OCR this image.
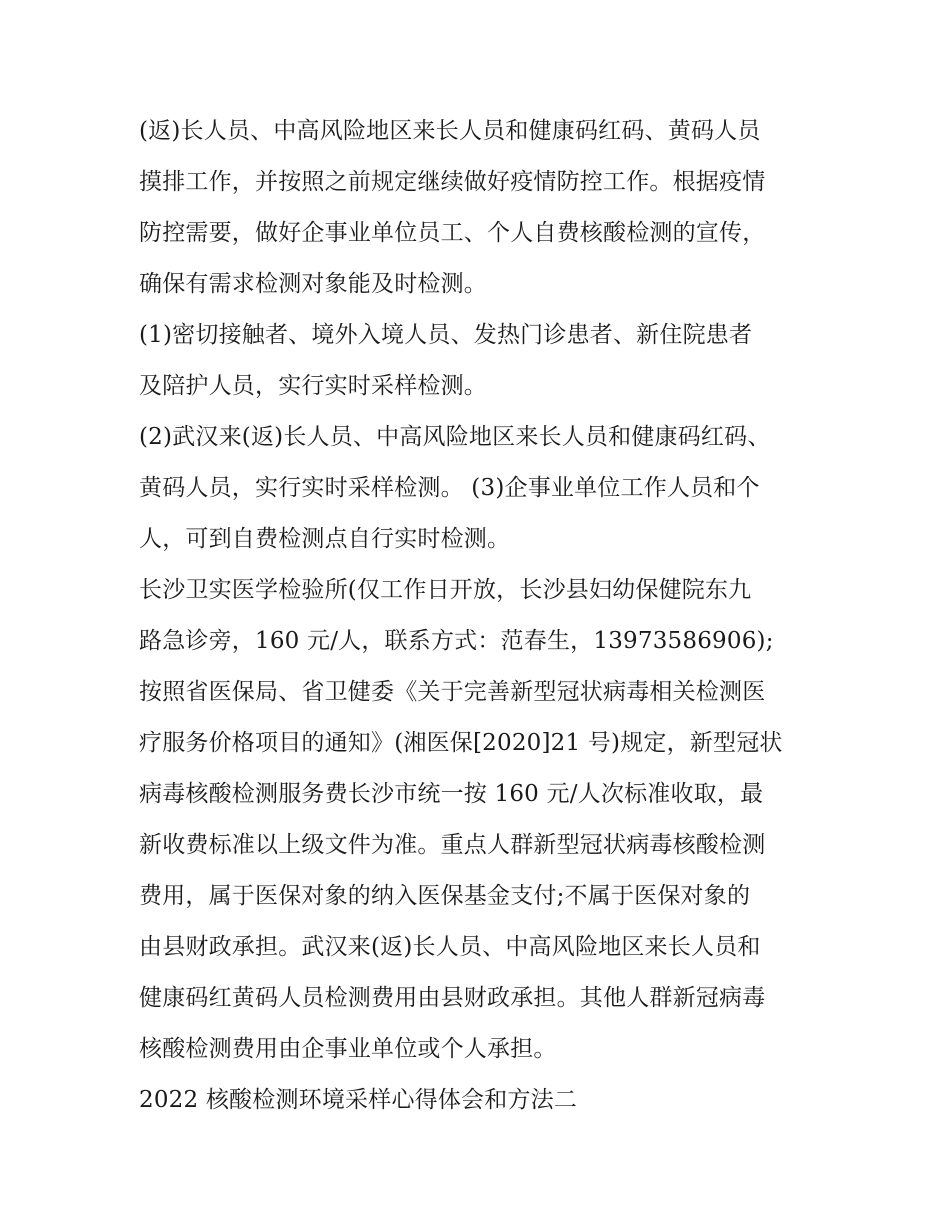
(返)长人员、中高风险地区来长人员和健康码红码、黄码人员
摸排工作，并按照之前规定继续做好疫情防控工作。根据疫情
防控需要，做好企事业单位员工、个人自费核酸检测的宣传，
确保有需求检测对象能及时检测。
(1)密切接触者、境外入境人员、发热门诊患者、新住院患者
及陪护人员，实行实时采样检测。
(2)武汉来(返)长人员、中高风险地区来长人员和健康码红码、
黄码人员，实行实时采样检测。 (3)企事业单位工作人员和个
人，可到自费检测点自行实时检测。
长沙卫实医学检验所(仅工作日开放，长沙县妇幼保健院东九
路急诊旁，160 元/人，联系方式：范春生，13973586906);
按照省医保局、省卫健委《关于完善新型冠状病毒相关检测医
疗服务价格项目的通知》(湘医保[2020]21 号)规定，新型冠状
病毒核酸检测服务费长沙市统一按 160 元/人次标准收取，最
新收费标准以上级文件为准。重点人群新型冠状病毒核酸检测
费用，属于医保对象的纳入医保基金支付;不属于医保对象的
由县财政承担。武汉来(返)长人员、中高风险地区来长人员和
健康码红黄码人员检测费用由县财政承担。其他人群新冠病毒
核酸检测费用由企事业单位或个人承担。
2022 核酸检测环境采样心得体会和方法二
